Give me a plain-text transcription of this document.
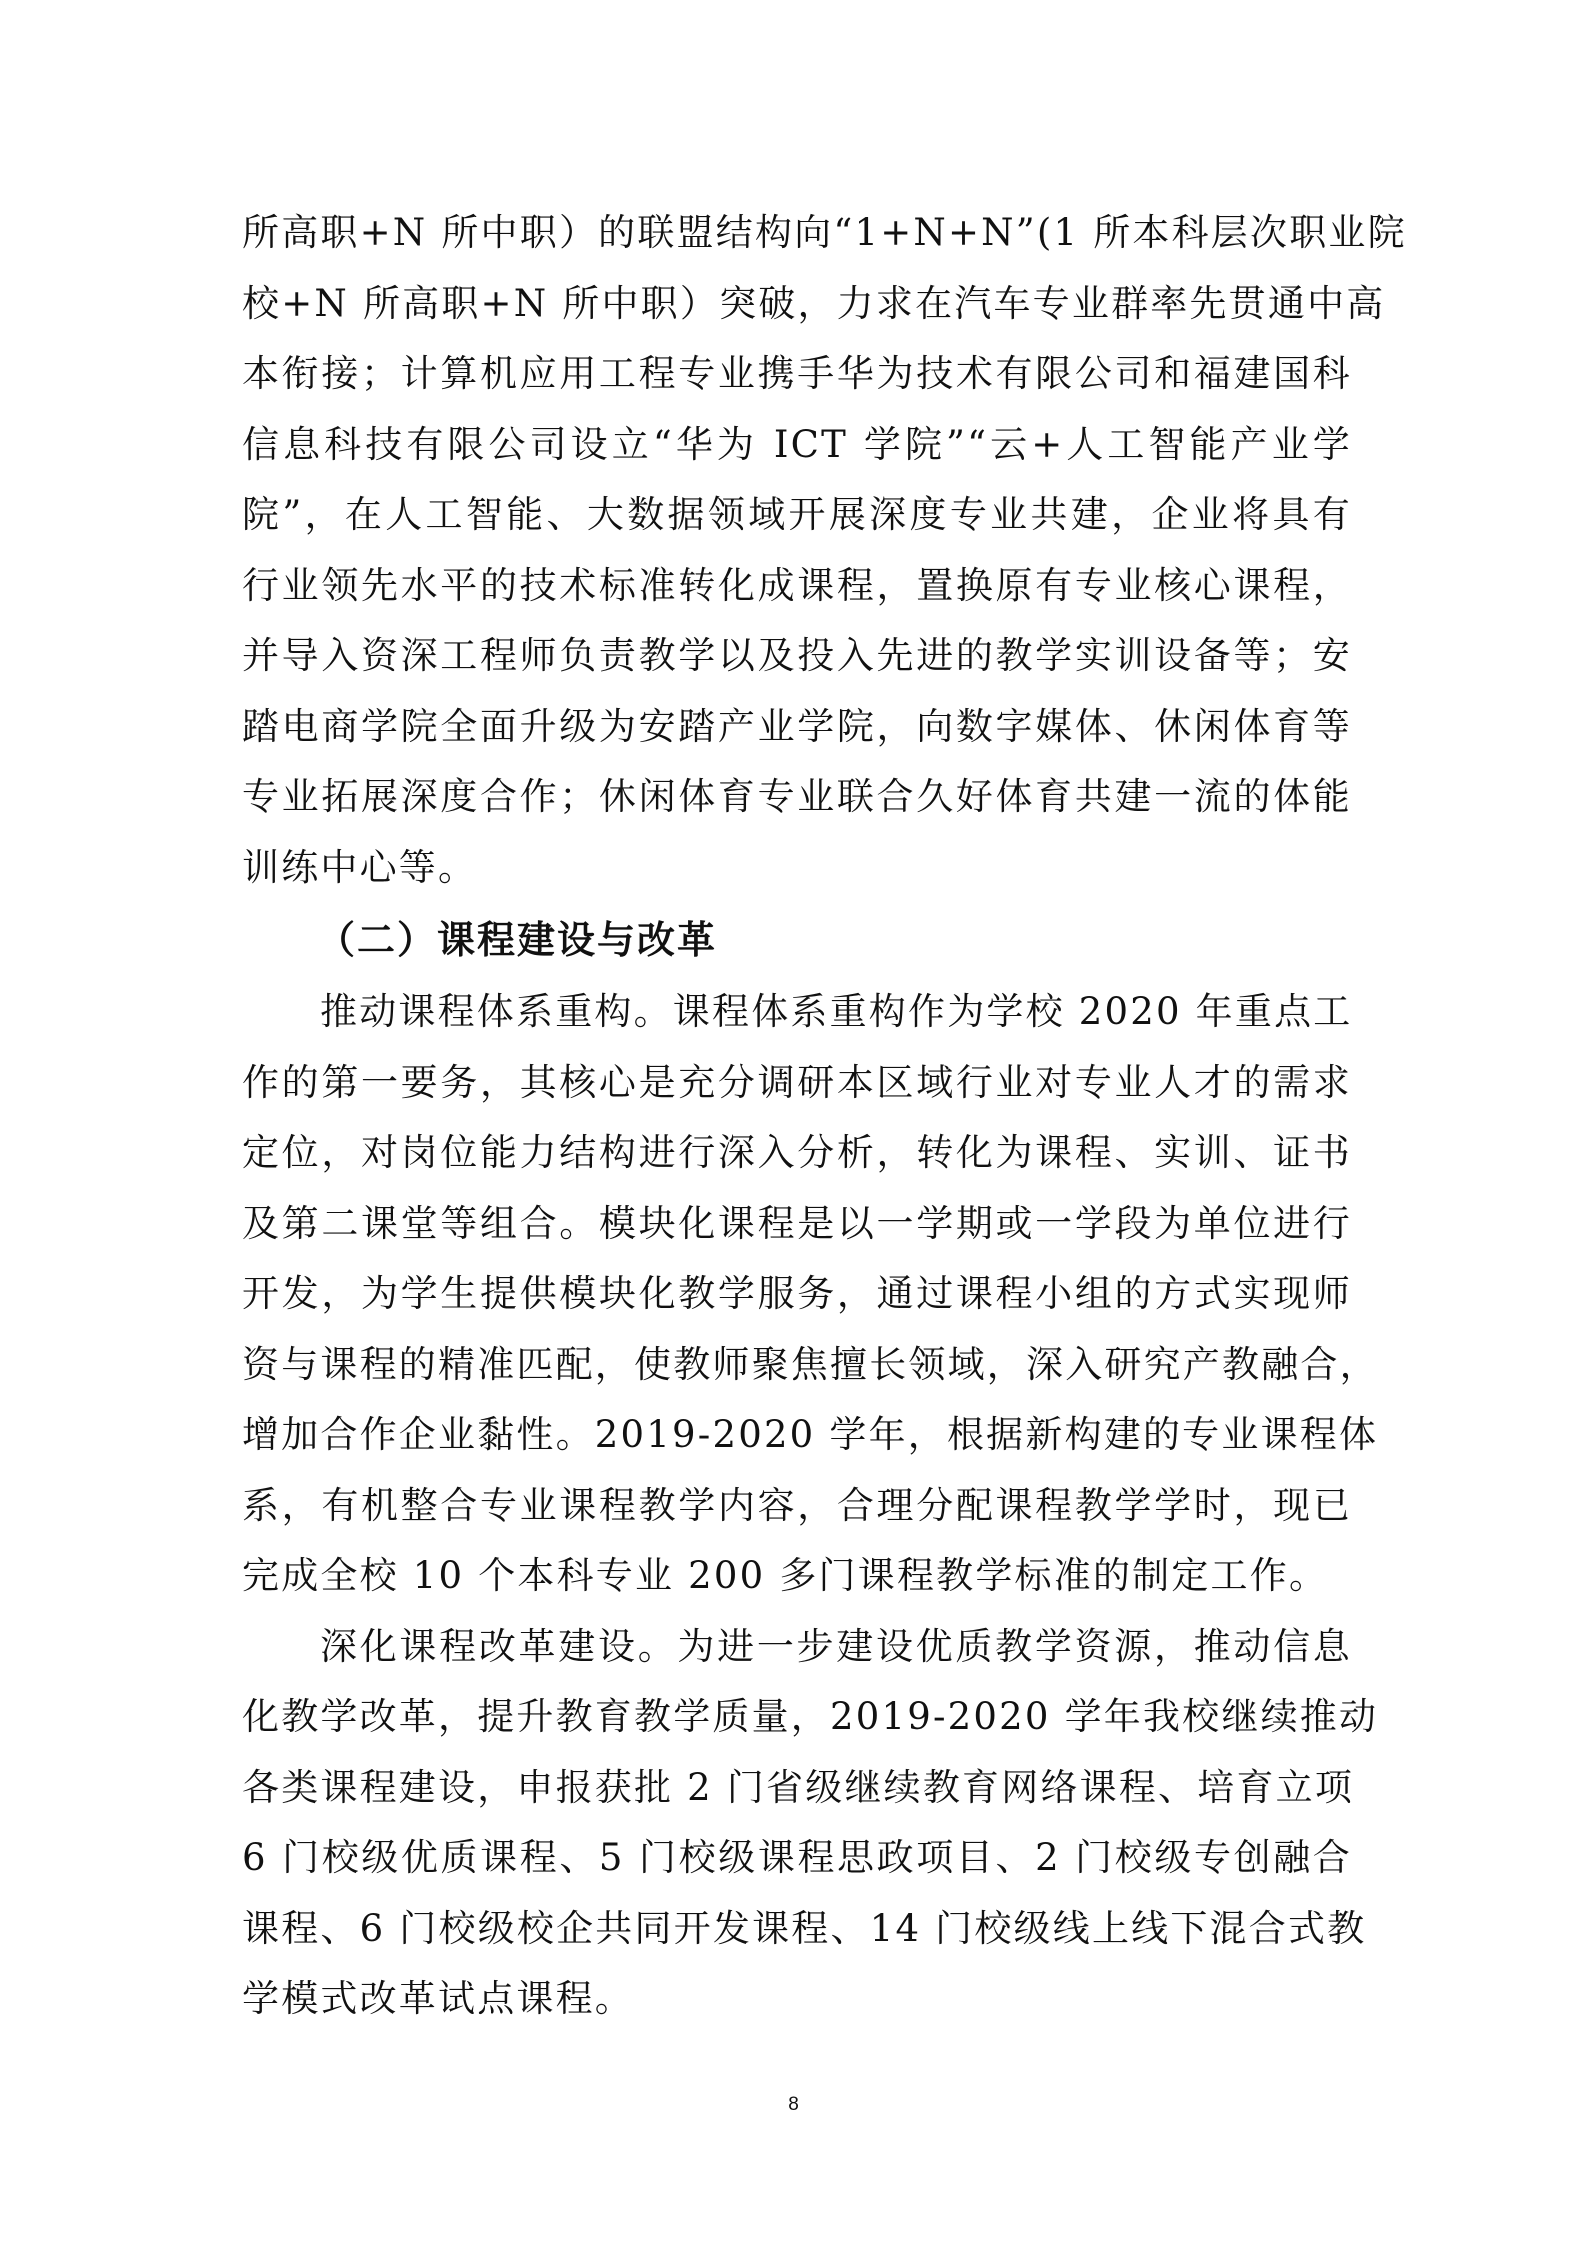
所高职+N 所中职）的联盟结构向“1+N+N”(1 所本科层次职业院
校+N 所高职+N 所中职）突破，力求在汽车专业群率先贯通中高
本衔接；计算机应用工程专业携手华为技术有限公司和福建国科
信息科技有限公司设立“华为 ICT 学院”“云+人工智能产业学
院”，在人工智能、大数据领域开展深度专业共建，企业将具有
行业领先水平的技术标准转化成课程，置换原有专业核心课程，
并导入资深工程师负责教学以及投入先进的教学实训设备等；安
踏电商学院全面升级为安踏产业学院，向数字媒体、休闲体育等
专业拓展深度合作；休闲体育专业联合久好体育共建一流的体能
训练中心等。
（二）课程建设与改革
推动课程体系重构。课程体系重构作为学校 2020 年重点工
作的第一要务，其核心是充分调研本区域行业对专业人才的需求
定位，对岗位能力结构进行深入分析，转化为课程、实训、证书
及第二课堂等组合。模块化课程是以一学期或一学段为单位进行
开发，为学生提供模块化教学服务，通过课程小组的方式实现师
资与课程的精准匹配，使教师聚焦擅长领域，深入研究产教融合，
增加合作企业黏性。2019-2020 学年，根据新构建的专业课程体
系，有机整合专业课程教学内容，合理分配课程教学学时，现已
完成全校 10 个本科专业 200 多门课程教学标准的制定工作。
深化课程改革建设。为进一步建设优质教学资源，推动信息
化教学改革，提升教育教学质量，2019-2020 学年我校继续推动
各类课程建设，申报获批 2 门省级继续教育网络课程、培育立项
6 门校级优质课程、5 门校级课程思政项目、2 门校级专创融合
课程、6 门校级校企共同开发课程、14 门校级线上线下混合式教
学模式改革试点课程。
8
